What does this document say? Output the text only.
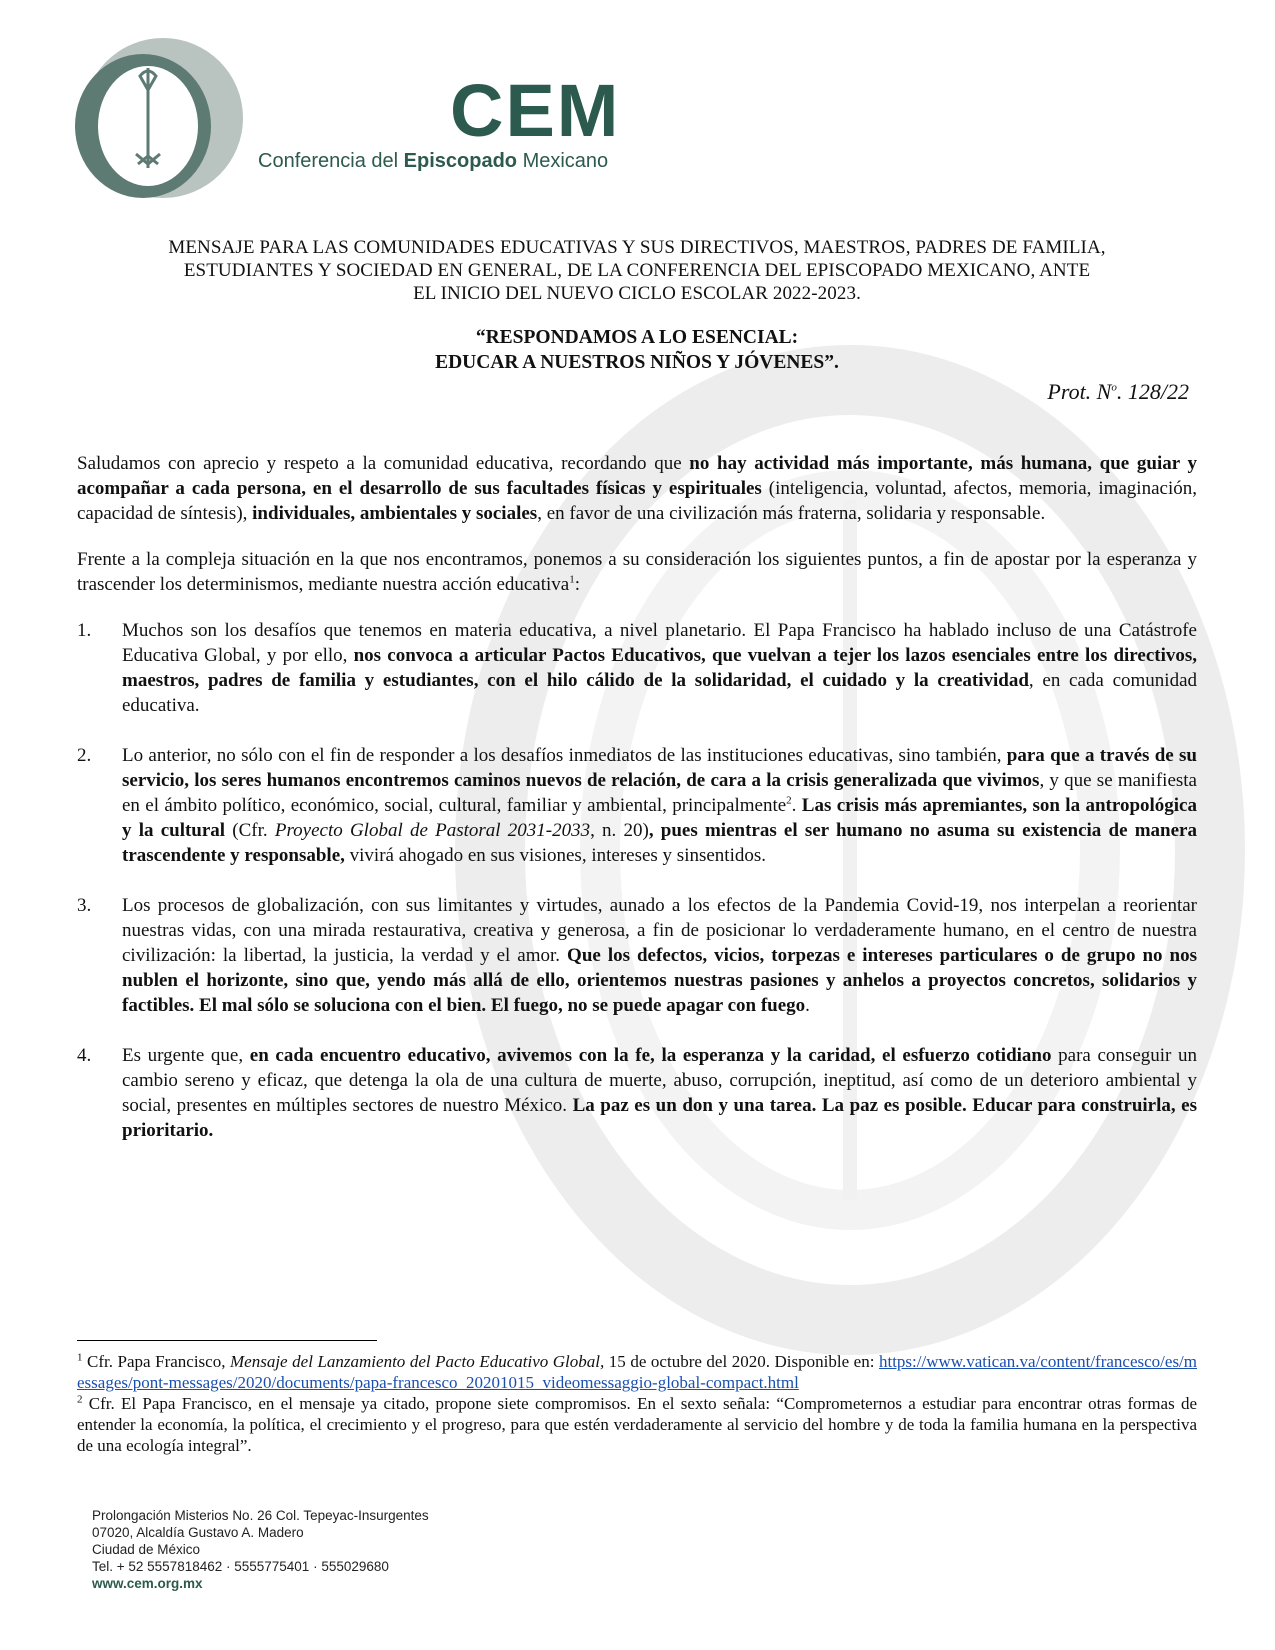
CEM
Conferencia del Episcopado Mexicano

MENSAJE PARA LAS COMUNIDADES EDUCATIVAS Y SUS DIRECTIVOS, MAESTROS, PADRES DE FAMILIA,
ESTUDIANTES Y SOCIEDAD EN GENERAL, DE LA CONFERENCIA DEL EPISCOPADO MEXICANO, ANTE
EL INICIO DEL NUEVO CICLO ESCOLAR 2022-2023.

“RESPONDAMOS A LO ESENCIAL:
EDUCAR A NUESTROS NIÑOS Y JÓVENES”.

Prot. $N^o$. 128/22

Saludamos con aprecio y respeto a la comunidad educativa, recordando que no hay actividad más importante, más humana, que guiar y acompañar a cada persona, en el desarrollo de sus facultades físicas y espirituales (inteligencia, voluntad, afectos, memoria, imaginación, capacidad de síntesis), individuales, ambientales y sociales, en favor de una civilización más fraterna, solidaria y responsable.

Frente a la compleja situación en la que nos encontramos, ponemos a su consideración los siguientes puntos, a fin de apostar por la esperanza y trascender los determinismos, mediante nuestra acción educativa$^1$:

1. Muchos son los desafíos que tenemos en materia educativa, a nivel planetario. El Papa Francisco ha hablado incluso de una Catástrofe Educativa Global, y por ello, nos convoca a articular Pactos Educativos, que vuelvan a tejer los lazos esenciales entre los directivos, maestros, padres de familia y estudiantes, con el hilo cálido de la solidaridad, el cuidado y la creatividad, en cada comunidad educativa.
2. Lo anterior, no sólo con el fin de responder a los desafíos inmediatos de las instituciones educativas, sino también, para que a través de su servicio, los seres humanos encontremos caminos nuevos de relación, de cara a la crisis generalizada que vivimos, y que se manifiesta en el ámbito político, económico, social, cultural, familiar y ambiental, principalmente$^2$. Las crisis más apremiantes, son la antropológica y la cultural (Cfr. Proyecto Global de Pastoral 2031-2033, n. 20), pues mientras el ser humano no asuma su existencia de manera trascendente y responsable, vivirá ahogado en sus visiones, intereses y sinsentidos.
3. Los procesos de globalización, con sus limitantes y virtudes, aunado a los efectos de la Pandemia Covid-19, nos interpelan a reorientar nuestras vidas, con una mirada restaurativa, creativa y generosa, a fin de posicionar lo verdaderamente humano, en el centro de nuestra civilización: la libertad, la justicia, la verdad y el amor. Que los defectos, vicios, torpezas e intereses particulares o de grupo no nos nublen el horizonte, sino que, yendo más allá de ello, orientemos nuestras pasiones y anhelos a proyectos concretos, solidarios y factibles. El mal sólo se soluciona con el bien. El fuego, no se puede apagar con fuego.
4. Es urgente que, en cada encuentro educativo, avivemos con la fe, la esperanza y la caridad, el esfuerzo cotidiano para conseguir un cambio sereno y eficaz, que detenga la ola de una cultura de muerte, abuso, corrupción, ineptitud, así como de un deterioro ambiental y social, presentes en múltiples sectores de nuestro México. La paz es un don y una tarea. La paz es posible. Educar para construirla, es prioritario.

$^1$ Cfr. Papa Francisco, Mensaje del Lanzamiento del Pacto Educativo Global, 15 de octubre del 2020. Disponible en: https://www.vatican.va/content/francesco/es/messages/pont-messages/2020/documents/papa-francesco_20201015_videomessaggio-global-compact.html

$^2$ Cfr. El Papa Francisco, en el mensaje ya citado, propone siete compromisos. En el sexto señala: “Comprometernos a estudiar para encontrar otras formas de entender la economía, la política, el crecimiento y el progreso, para que estén verdaderamente al servicio del hombre y de toda la familia humana en la perspectiva de una ecología integral”.

Prolongación Misterios No. 26 Col. Tepeyac-Insurgentes
07020, Alcaldía Gustavo A. Madero
Ciudad de México
Tel. + 52 5557818462 · 5555775401 · 555029680
www.cem.org.mx
